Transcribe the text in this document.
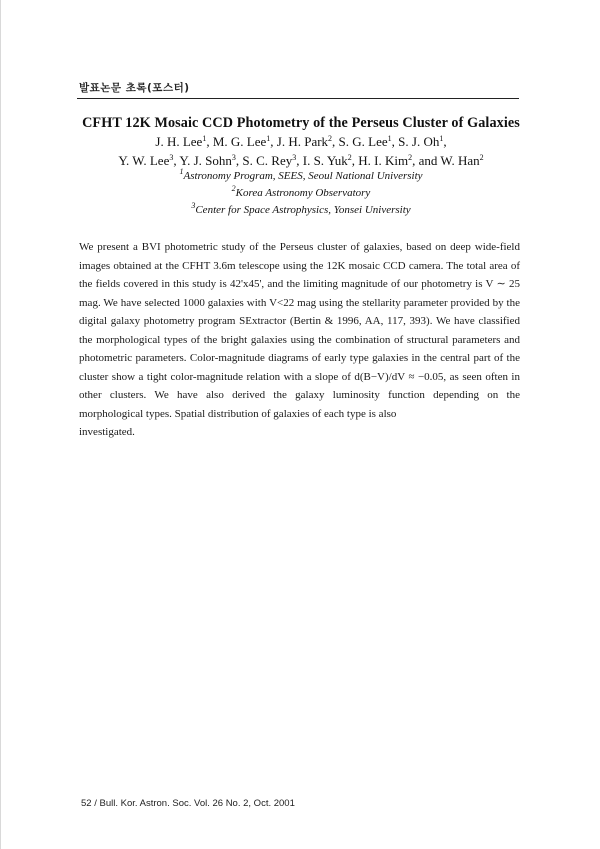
발표논문 초록(포스터)
CFHT 12K Mosaic CCD Photometry of the Perseus Cluster of Galaxies
J. H. Lee$^1$, M. G. Lee$^1$, J. H. Park$^2$, S. G. Lee$^1$, S. J. Oh$^1$,
Y. W. Lee$^3$, Y. J. Sohn$^3$, S. C. Rey$^3$, I. S. Yuk$^2$, H. I. Kim$^2$, and W. Han$^2$
$^1$Astronomy Program, SEES, Seoul National University
$^2$Korea Astronomy Observatory
$^3$Center for Space Astrophysics, Yonsei University
We present a BVI photometric study of the Perseus cluster of galaxies, based on deep wide-field images obtained at the CFHT 3.6m telescope using the 12K mosaic CCD camera. The total area of the fields covered in this study is 42'x45', and the limiting magnitude of our photometry is V ∼ 25 mag. We have selected 1000 galaxies with V<22 mag using the stellarity parameter provided by the digital galaxy photometry program SExtractor (Bertin & 1996, AA, 117, 393). We have classified the morphological types of the bright galaxies using the combination of structural parameters and photometric parameters. Color-magnitude diagrams of early type galaxies in the central part of the cluster show a tight color-magnitude relation with a slope of d(B−V)/dV ≈ −0.05, as seen often in other clusters. We have also derived the galaxy luminosity function depending on the morphological types. Spatial distribution of galaxies of each type is also
investigated.
52 / Bull. Kor. Astron. Soc. Vol. 26 No. 2, Oct. 2001
